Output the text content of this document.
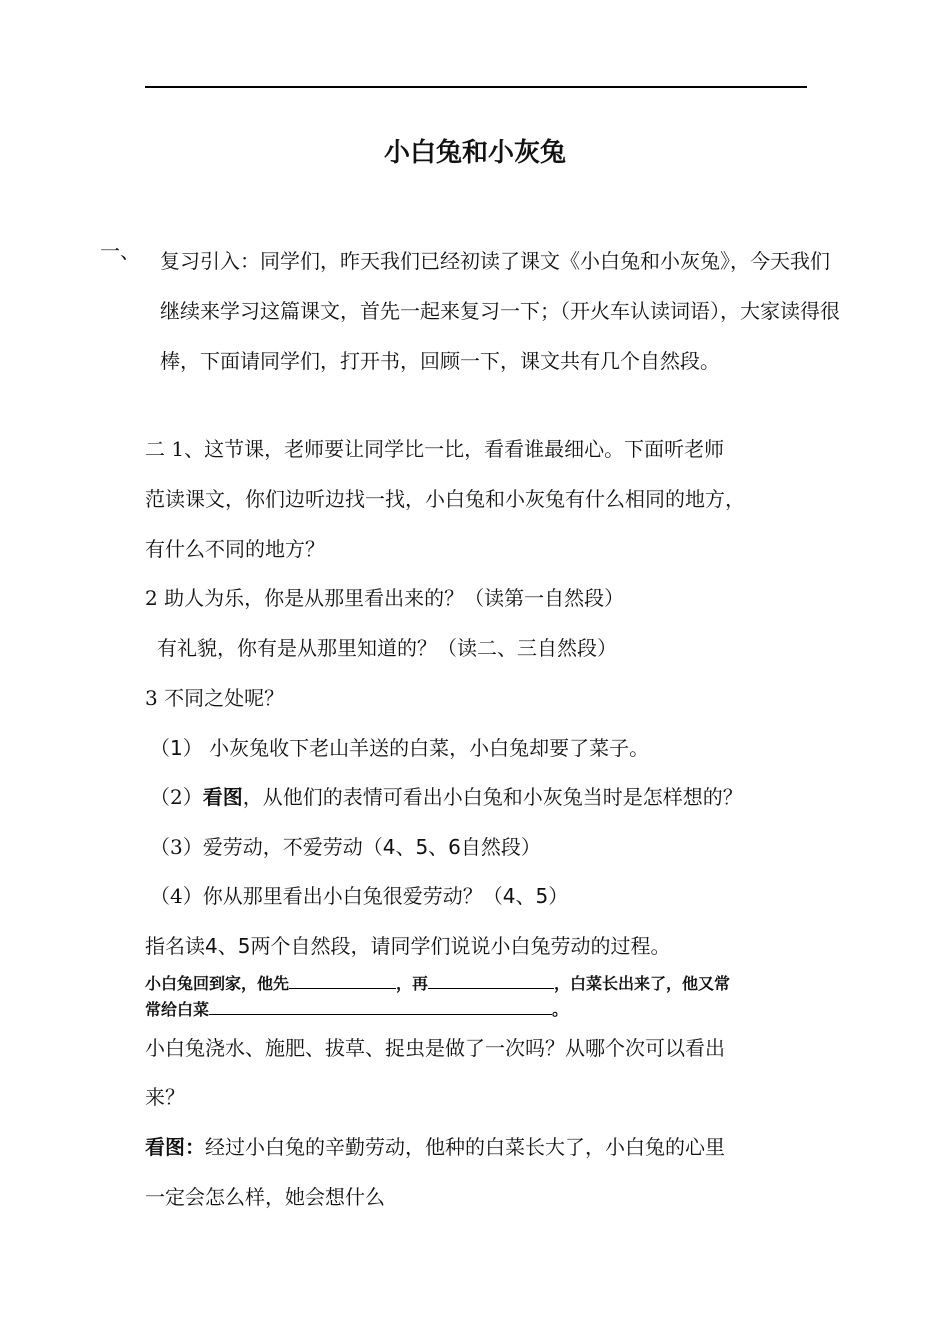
小白兔和小灰兔
一、 复习引入：同学们，昨天我们已经初读了课文《小白兔和小灰兔》，今天我们继续来学习这篇课文，首先一起来复习一下；（开火车认读词语），大家读得很棒，下面请同学们，打开书，回顾一下，课文共有几个自然段。

二 1、这节课，老师要让同学比一比，看看谁最细心。下面听老师
范读课文，你们边听边找一找，小白兔和小灰兔有什么相同的地方，
有什么不同的地方？
2 助人为乐，你是从那里看出来的？（读第一自然段）
有礼貌，你有是从那里知道的？（读二、三自然段）
3 不同之处呢？
（1） 小灰兔收下老山羊送的白菜，小白兔却要了菜子。
（2）看图，从他们的表情可看出小白兔和小灰兔当时是怎样想的？
（3）爱劳动，不爱劳动（4、5、6自然段）
（4）你从那里看出小白兔很爱劳动？（4、5）
指名读4、5两个自然段，请同学们说说小白兔劳动的过程。
小白兔回到家，他先	，再	，白菜长出来了，他又常
常给白菜	。
小白兔浇水、施肥、拔草、捉虫是做了一次吗？从哪个次可以看出
来？
看图：经过小白兔的辛勤劳动，他种的白菜长大了，小白兔的心里
一定会怎么样，她会想什么
